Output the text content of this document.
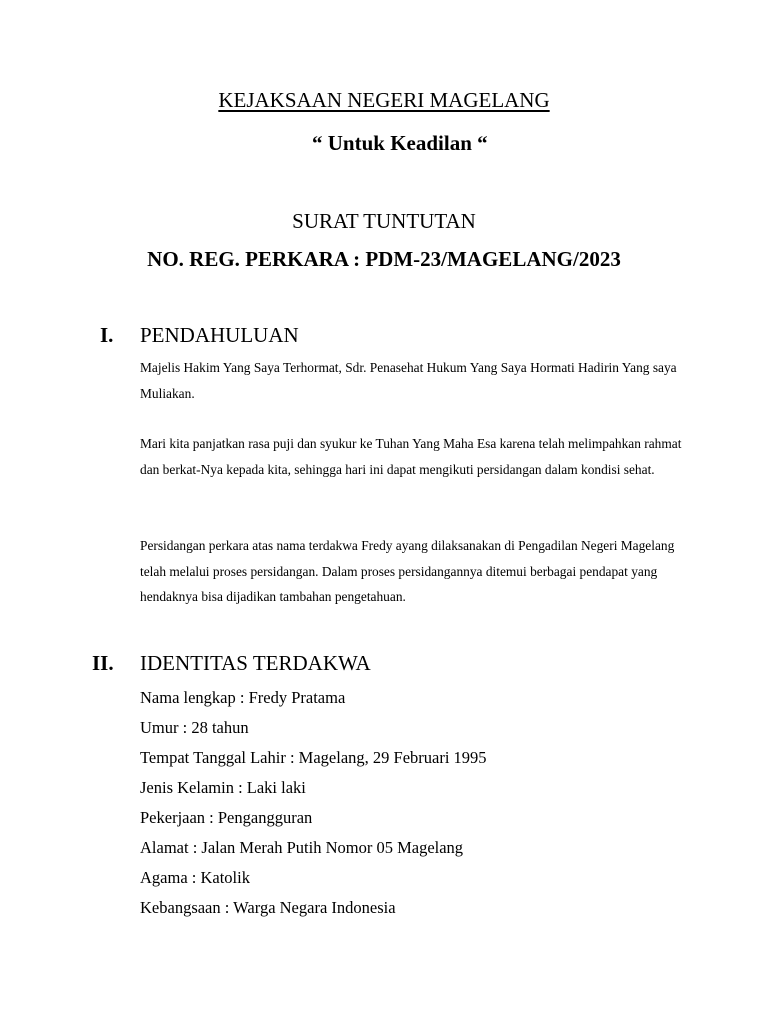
KEJAKSAAN NEGERI MAGELANG
“ Untuk Keadilan “
SURAT TUNTUTAN
NO. REG. PERKARA : PDM-23/MAGELANG/2023
I. PENDAHULUAN

Majelis Hakim Yang Saya Terhormat, Sdr. Penasehat Hukum Yang Saya Hormati Hadirin Yang saya Muliakan.

Mari kita panjatkan rasa puji dan syukur ke Tuhan Yang Maha Esa karena telah melimpahkan rahmat dan berkat-Nya kepada kita, sehingga hari ini dapat mengikuti persidangan dalam kondisi sehat.

Persidangan perkara atas nama terdakwa Fredy ayang dilaksanakan di Pengadilan Negeri Magelang telah melalui proses persidangan. Dalam proses persidangannya ditemui berbagai pendapat yang hendaknya bisa dijadikan tambahan pengetahuan.

II. IDENTITAS TERDAKWA
Nama lengkap : Fredy Pratama
Umur : 28 tahun
Tempat Tanggal Lahir : Magelang, 29 Februari 1995
Jenis Kelamin : Laki laki
Pekerjaan : Pengangguran
Alamat : Jalan Merah Putih Nomor 05 Magelang
Agama : Katolik
Kebangsaan : Warga Negara Indonesia
